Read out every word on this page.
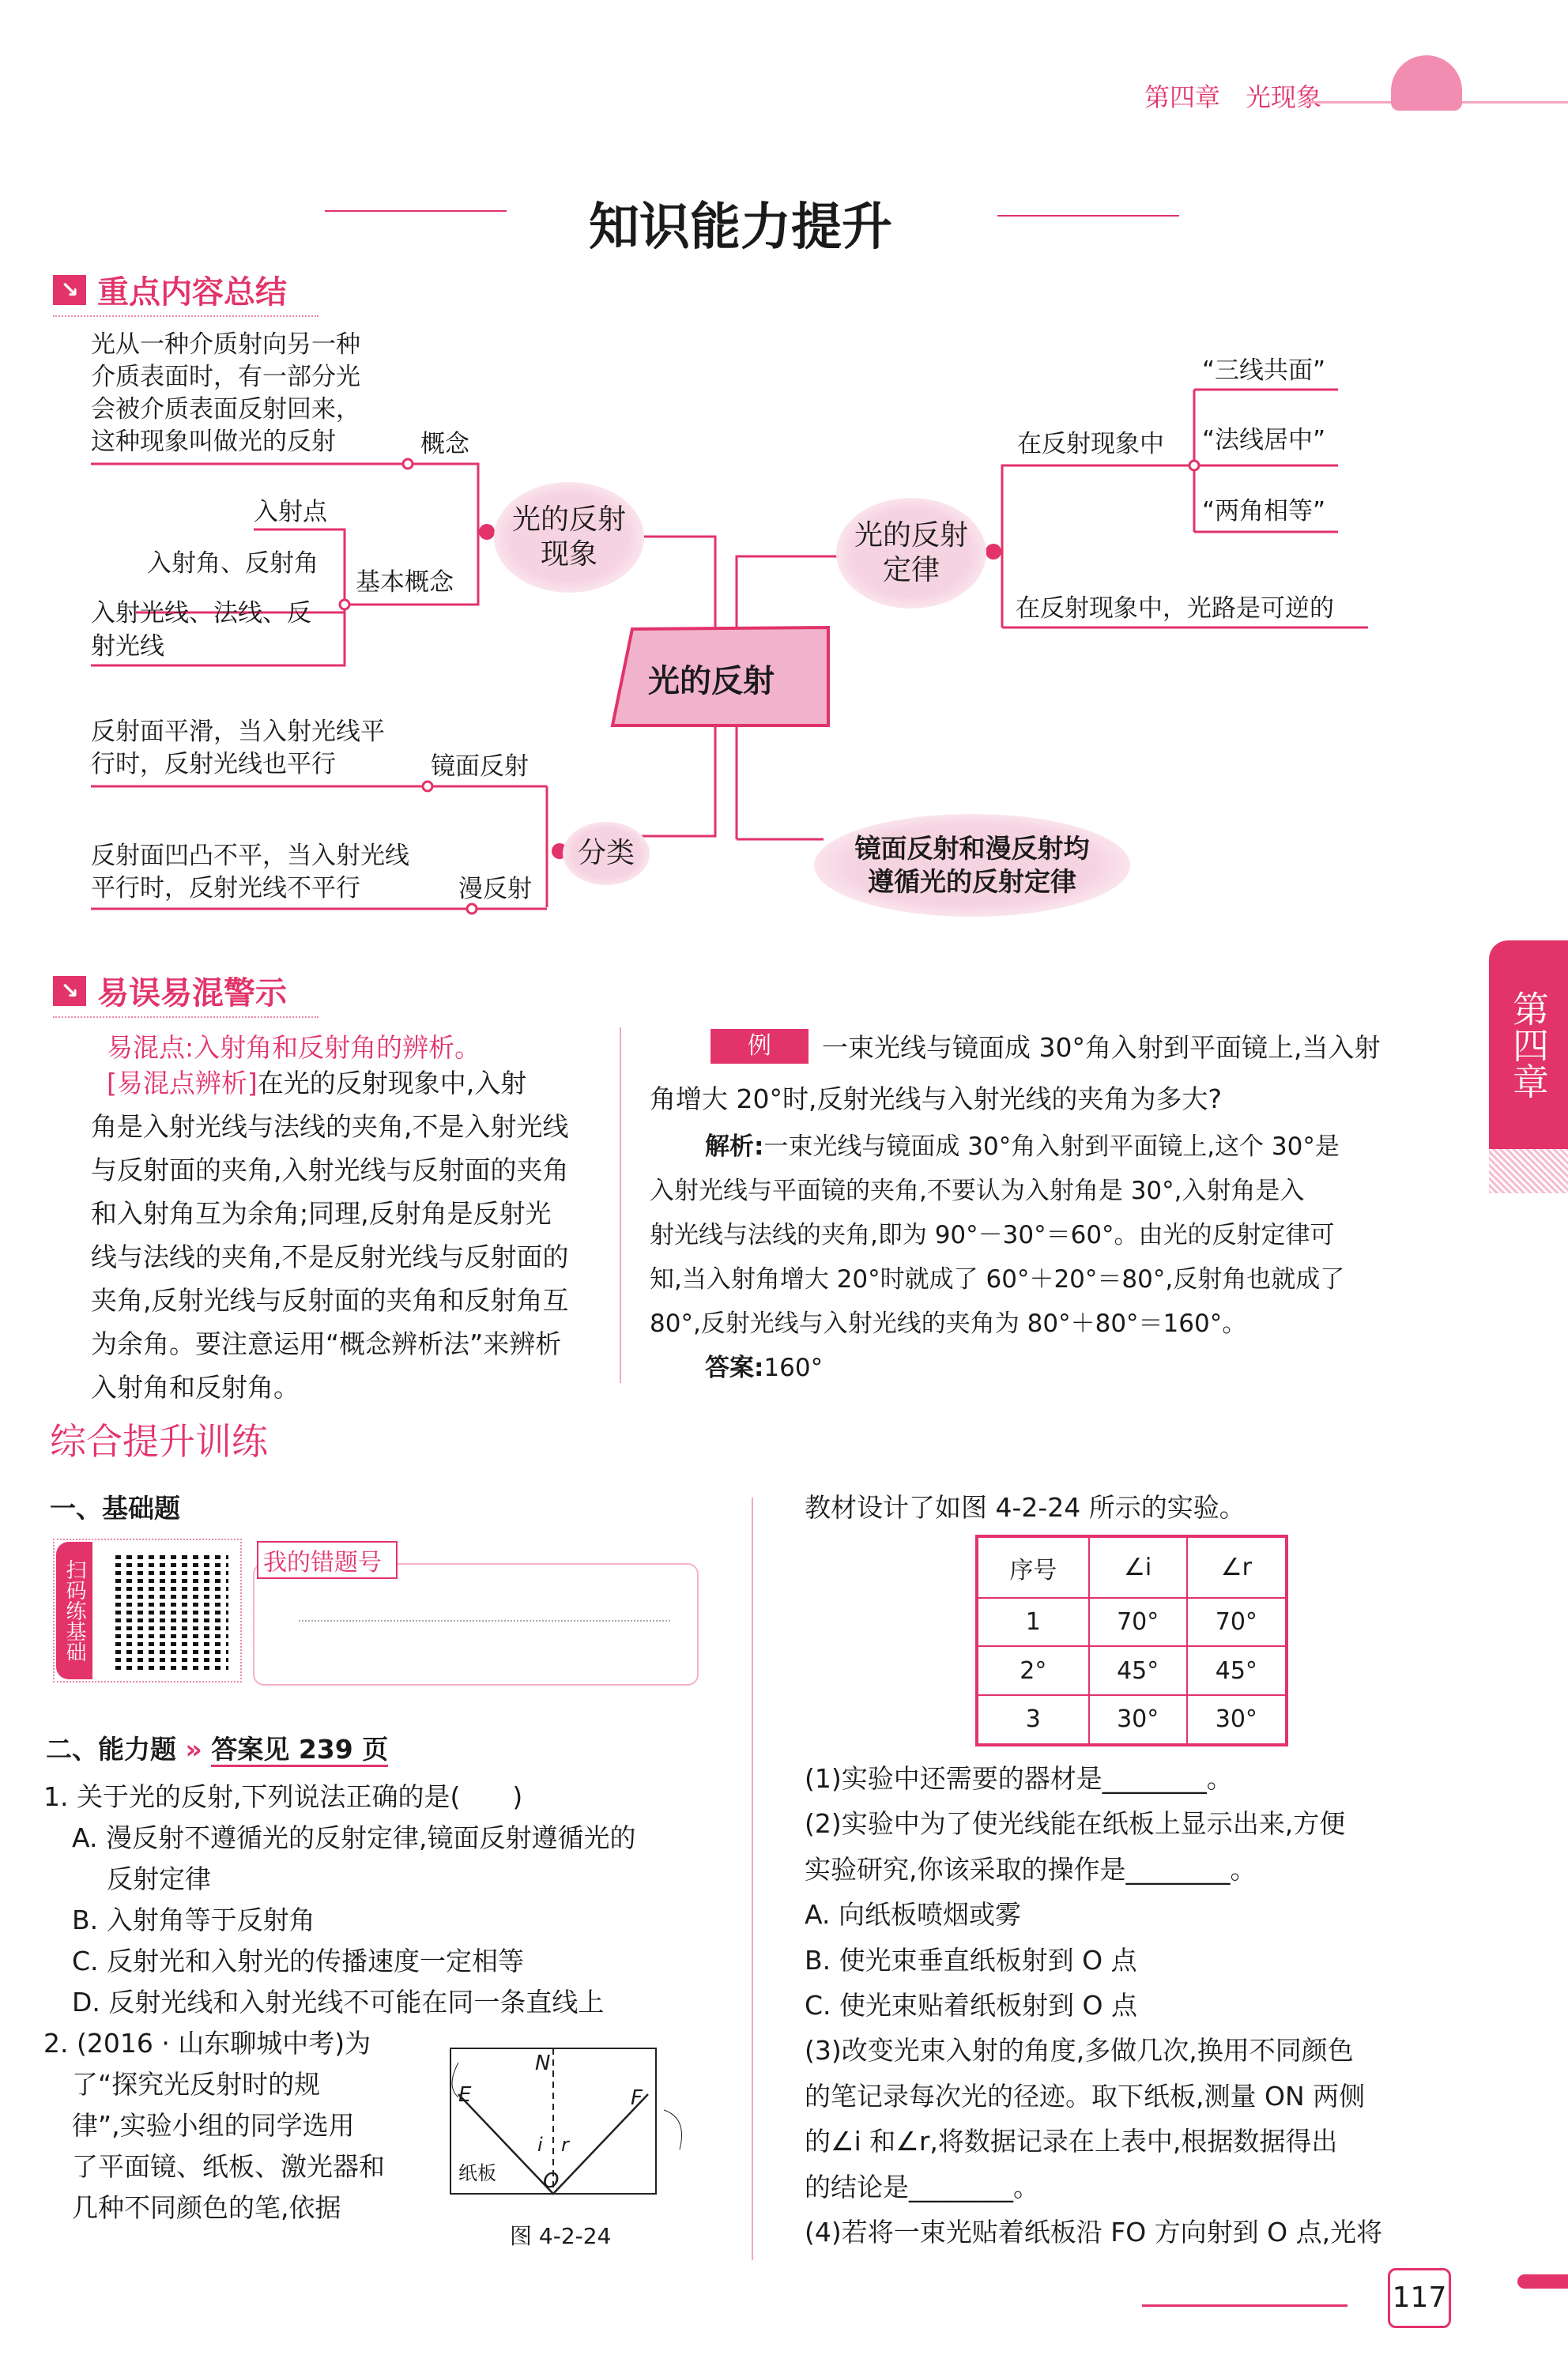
第四章　 光现象
知识能力提升
↘ 重点内容总结
光的反射
光从一种介质射向另一种
介质表面时，有一部分光
会被介质表面反射回来，
这种现象叫做光的反射	概念
入射点
入射角、反射角
基本概念
入射光线、法线、反
射光线
光的反射
现象
光的反射
定律
在反射现象中
“三线共面”
“法线居中”
“两角相等”
在反射现象中，光路是可逆的
反射面平滑，当入射光线平
行时，反射光线也平行	镜面反射
反射面凹凸不平，当入射光线
平行时，反射光线不平行	漫反射
分类	镜面反射和漫反射均
遵循光的反射定律
↘ 易误易混警示
易混点:入射角和反射角的辨析。
[易混点辨析]在光的反射现象中,入射
角是入射光线与法线的夹角,不是入射光线
与反射面的夹角,入射光线与反射面的夹角
和入射角互为余角;同理,反射角是反射光
线与法线的夹角,不是反射光线与反射面的
夹角,反射光线与反射面的夹角和反射角互
为余角。要注意运用“概念辨析法”来辨析
入射角和反射角。
例	一束光线与镜面成 30°角入射到平面镜上,当入射
角增大 20°时,反射光线与入射光线的夹角为多大?
解析:一束光线与镜面成 30°角入射到平面镜上,这个 30°是
入射光线与平面镜的夹角,不要认为入射角是 30°,入射角是入
射光线与法线的夹角,即为 90°－30°＝60°。由光的反射定律可
知,当入射角增大 20°时就成了 60°＋20°＝80°,反射角也就成了
80°,反射光线与入射光线的夹角为 80°＋80°＝160°。
答案:160°
第四章
综合提升训练
一、基础题
扫码练基础	我的错题号
二、能力题 » 答案见 239 页
1. 关于光的反射,下列说法正确的是(　　)
A. 漫反射不遵循光的反射定律,镜面反射遵循光的
反射定律
B. 入射角等于反射角
C. 反射光和入射光的传播速度一定相等
D. 反射光线和入射光线不可能在同一条直线上
2. (2016 · 山东聊城中考)为
了“探究光反射时的规
律”,实验小组的同学选用
了平面镜、纸板、激光器和
几种不同颜色的笔,依据
E	F
N
O
i r
纸板
图 4-2-24
教材设计了如图 4-2-24 所示的实验。
序号	∠i	∠r
1	70°	70°
2°	45°	45°
3	30°	30°
(1)实验中还需要的器材是________。
(2)实验中为了使光线能在纸板上显示出来,方便
实验研究,你该采取的操作是________。
A. 向纸板喷烟或雾
B. 使光束垂直纸板射到 O 点
C. 使光束贴着纸板射到 O 点
(3)改变光束入射的角度,多做几次,换用不同颜色
的笔记录每次光的径迹。取下纸板,测量 ON 两侧
的∠i 和∠r,将数据记录在上表中,根据数据得出
的结论是________。
(4)若将一束光贴着纸板沿 FO 方向射到 O 点,光将
117
